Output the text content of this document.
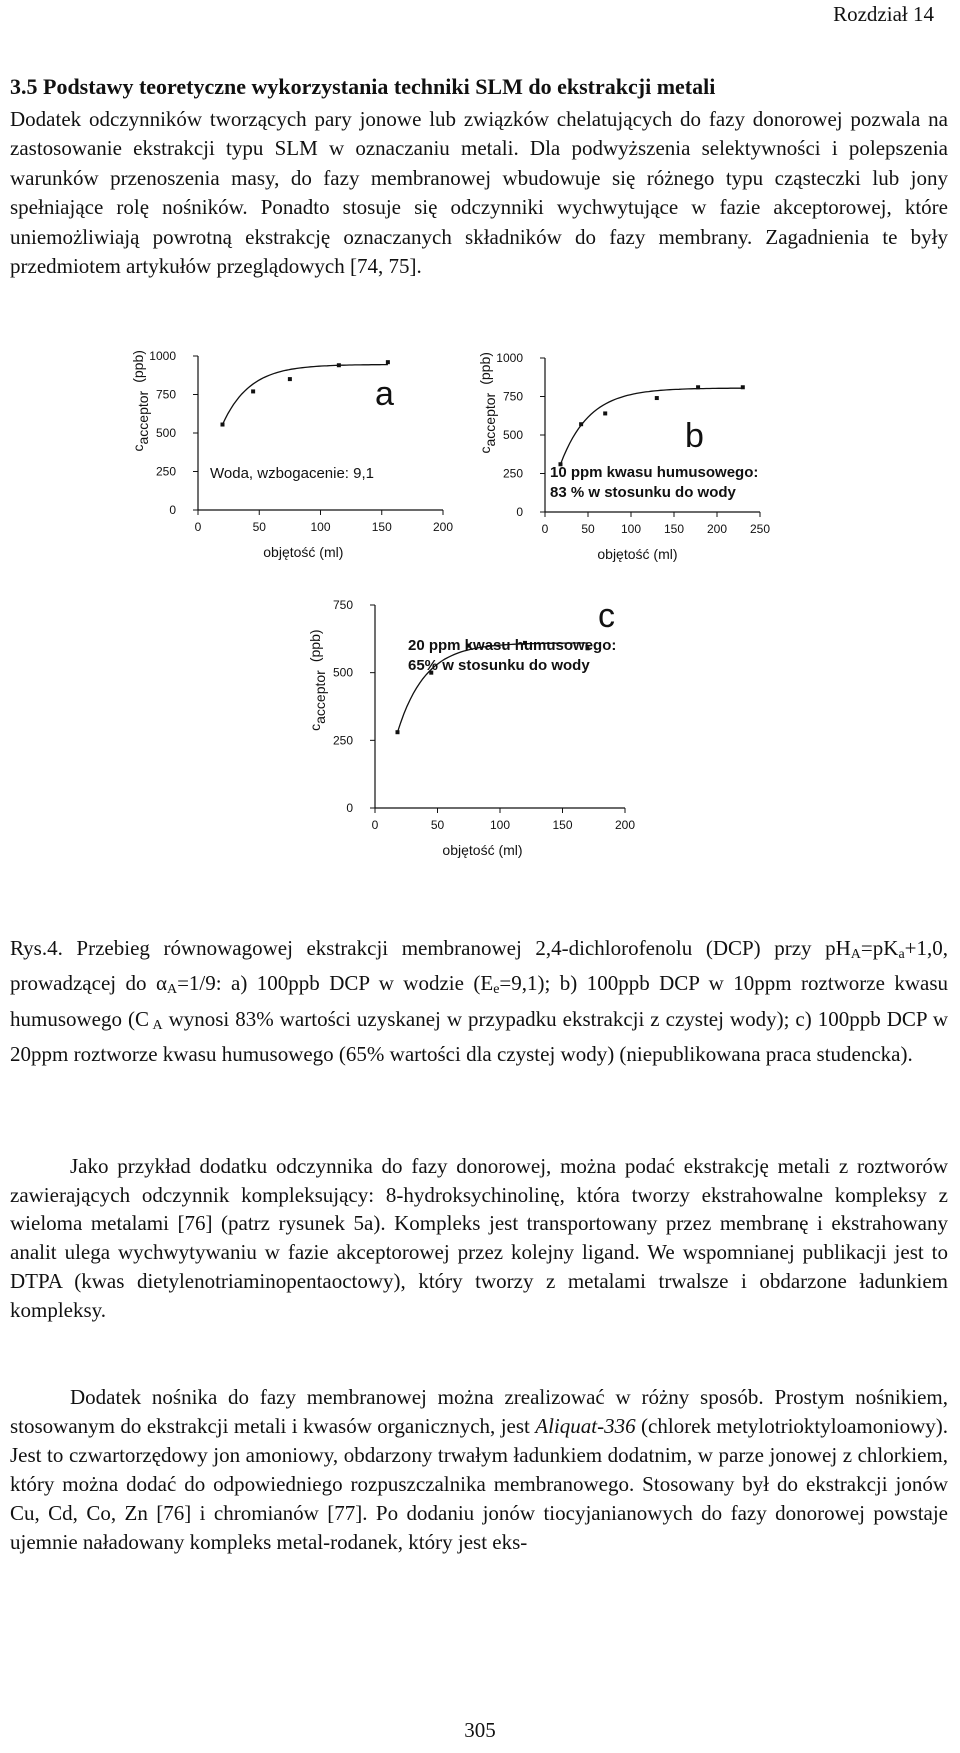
Rozdział 14
3.5 Podstawy teoretyczne wykorzystania techniki SLM do ekstrakcji metali

Dodatek odczynników tworzących pary jonowe lub związków chelatujących do fazy donorowej pozwala na zastosowanie ekstrakcji typu SLM w oznaczaniu metali. Dla podwyższenia selektywności i polepszenia warunków przenoszenia masy, do fazy membranowej wbudowuje się różnego typu cząsteczki lub jony spełniające rolę nośników. Ponadto stosuje się odczynniki wychwytujące w fazie akceptorowej, które uniemożliwiają powrotną ekstrakcję oznaczanych składników do fazy membrany. Zagadnienia te były przedmiotem artykułów przeglądowych [74, 75].

0
250
500
750
1000
0	50	100	150	200
objętość (ml)
cacceptor(ppb)
Woda, wzbogacenie: 9,1
a
0
250
500
750
1000
0	50 100 150 200 250
objętość (ml)
cacceptor(ppb)
10 ppm kwasu humusowego:
83 % w stosunku do wody
b
0
250
500
750
0	50	100	150	200
objętość (ml)
cacceptor(ppb)	20 ppm kwasu humusowego:
65% w stosunku do wody
c

Rys.4. Przebieg równowagowej ekstrakcji membranowej 2,4-dichlorofenolu (DCP) przy $pH_A=pK_a+1,0$, prowadzącej do $\alpha_A=1/9$: a) 100ppb DCP w wodzie $(E_e=9,1)$; b) 100ppb DCP w 10ppm roztworze kwasu humusowego (C $_A$ wynosi 83% wartości uzyskanej w przypadku ekstrakcji z czystej wody); c) 100ppb DCP w 20ppm roztworze kwasu humusowego (65% wartości dla czystej wody) (niepublikowana praca studencka).

Jako przykład dodatku odczynnika do fazy donorowej, można podać ekstrakcję metali z roztworów zawierających odczynnik kompleksujący: 8-hydroksychinolinę, która tworzy ekstrahowalne kompleksy z wieloma metalami [76] (patrz rysunek 5a). Kompleks jest transportowany przez membranę i ekstrahowany analit ulega wychwytywaniu w fazie akceptorowej przez kolejny ligand. We wspomnianej publikacji jest to DTPA (kwas dietylenotriaminopentaoctowy), który tworzy z metalami trwalsze i obdarzone ładunkiem kompleksy.

Dodatek nośnika do fazy membranowej można zrealizować w różny sposób. Prostym nośnikiem, stosowanym do ekstrakcji metali i kwasów organicznych, jest Aliquat-336 (chlorek metylotrioktyloamoniowy). Jest to czwartorzędowy jon amoniowy, obdarzony trwałym ładunkiem dodatnim, w parze jonowej z chlorkiem, który można dodać do odpowiedniego rozpuszczalnika membranowego. Stosowany był do ekstrakcji jonów Cu, Cd, Co, Zn [76] i chromianów [77]. Po dodaniu jonów tiocyjanianowych do fazy donorowej powstaje ujemnie naładowany kompleks metal-rodanek, który jest eks-

305
